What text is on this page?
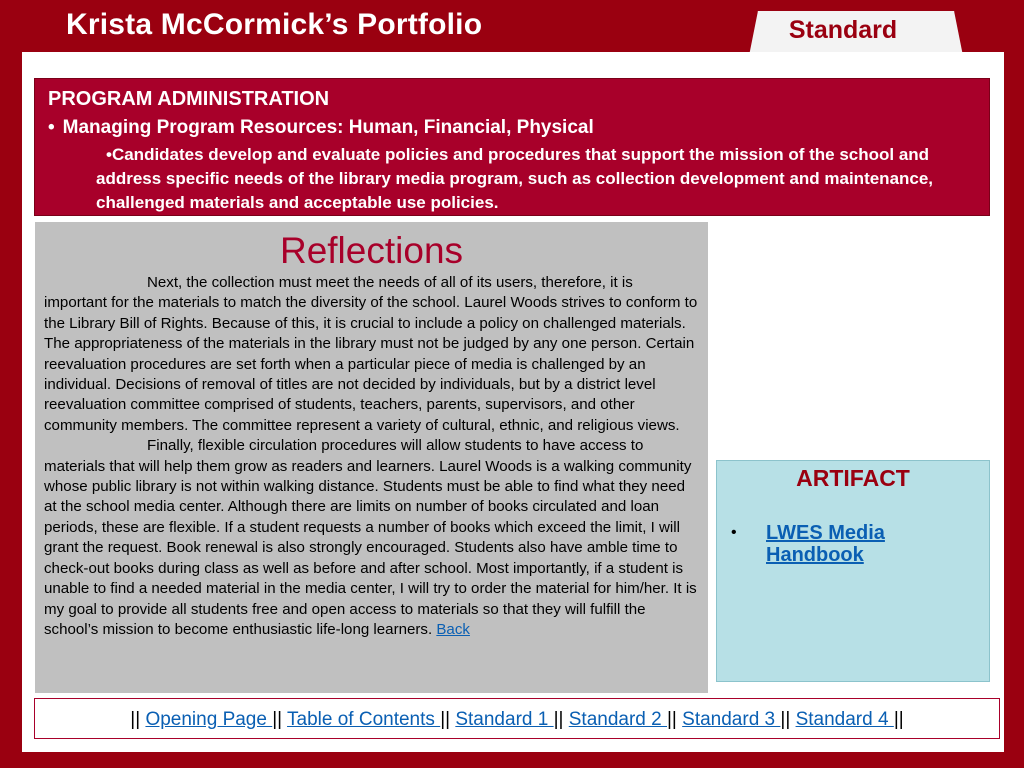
Krista McCormick’s Portfolio	Standard
PROGRAM ADMINISTRATION
• Managing Program Resources: Human, Financial, Physical
•Candidates develop and evaluate policies and procedures that support the mission of the school and address specific needs of the library media program, such as collection development and maintenance, challenged materials and acceptable use policies.
Reflections

Next, the collection must meet the needs of all of its users, therefore, it is important for the materials to match the diversity of the school. Laurel Woods strives to conform to the Library Bill of Rights. Because of this, it is crucial to include a policy on challenged materials. The appropriateness of the materials in the library must not be judged by any one person. Certain reevaluation procedures are set forth when a particular piece of media is challenged by an individual. Decisions of removal of titles are not decided by individuals, but by a district level reevaluation committee comprised of students, teachers, parents, supervisors, and other community members. The committee represent a variety of cultural, ethnic, and religious views.

Finally, flexible circulation procedures will allow students to have access to materials that will help them grow as readers and learners. Laurel Woods is a walking community whose public library is not within walking distance. Students must be able to find what they need at the school media center. Although there are limits on number of books circulated and loan periods, these are flexible. If a student requests a number of books which exceed the limit, I will grant the request. Book renewal is also strongly encouraged. Students also have amble time to check-out books during class as well as before and after school. Most importantly, if a student is unable to find a needed material in the media center, I will try to order the material for him/her. It is my goal to provide all students free and open access to materials so that they will fulfill the school’s mission to become enthusiastic life-long learners. Back

ARTIFACT
• LWES Media Handbook
|| Opening Page || Table of Contents || Standard 1 || Standard 2 || Standard 3 || Standard 4 ||
